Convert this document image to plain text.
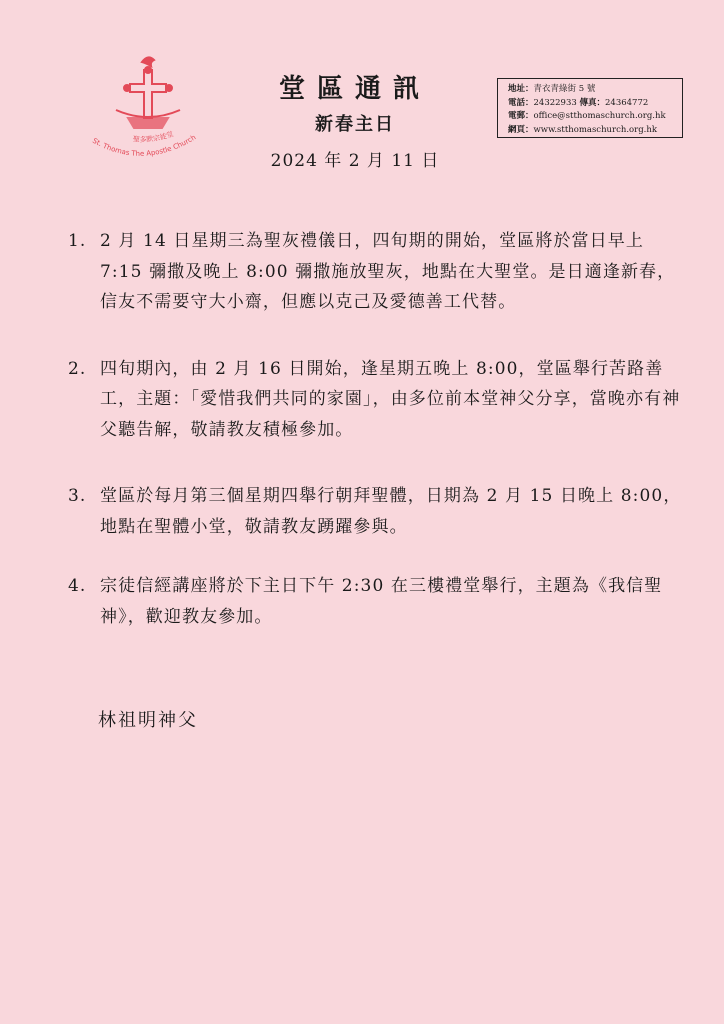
St. Thomas The Apostle Church
聖多默宗徒堂
堂區通訊
新春主日

2024 年 2 月 11 日

地址：青衣青綠街 5 號
電話：24322933 傳真：24364772
電郵：office@stthomaschurch.org.hk
網頁：www.stthomaschurch.org.hk
1. 2 月 14 日星期三為聖灰禮儀日，四旬期的開始，堂區將於當日早上 7:15 彌撒及晚上 8:00 彌撒施放聖灰，地點在大聖堂。是日適逢新春，信友不需要守大小齋，但應以克己及愛德善工代替。
2. 四旬期內，由 2 月 16 日開始，逢星期五晚上 8:00，堂區舉行苦路善工，主題：「愛惜我們共同的家園」，由多位前本堂神父分享，當晚亦有神父聽告解，敬請教友積極參加。
3. 堂區於每月第三個星期四舉行朝拜聖體，日期為 2 月 15 日晚上 8:00，地點在聖體小堂，敬請教友踴躍參與。
4. 宗徒信經講座將於下主日下午 2:30 在三樓禮堂舉行，主題為《我信聖神》，歡迎教友參加。

林祖明神父
